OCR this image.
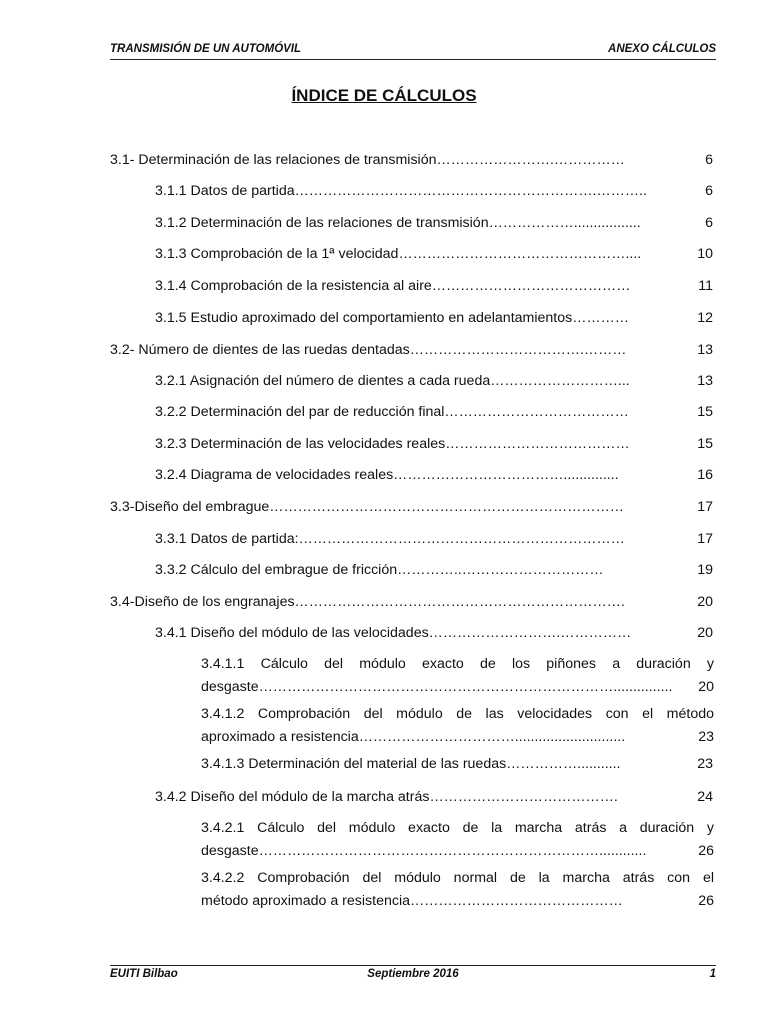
TRANSMISIÓN DE UN AUTOMÓVIL	ANEXO CÁLCULOS
ÍNDICE DE CÁLCULOS
3.1- Determinación de las relaciones de transmisión…………………….……………	6
3.1.1 Datos de partida……………………………………………………….………..	6
3.1.2 Determinación de las relaciones de transmisión……………….................	6
3.1.3 Comprobación de la 1ª velocidad…………………………………………....	10
3.1.4 Comprobación de la resistencia al aire……………………………………	11
3.1.5 Estudio aproximado del comportamiento en adelantamientos…………	12
3.2- Número de dientes de las ruedas dentadas……………………………….………	13
3.2.1 Asignación del número de dientes a cada rueda………………………...	13
3.2.2 Determinación del par de reducción final…………………………………	15
3.2.3 Determinación de las velocidades reales…………………………………	15
3.2.4 Diagrama de velocidades reales………………………………..............	16
3.3-Diseño del embrague…………………………………………………………………	17
3.3.1 Datos de partida:……………………………………………………………	17
3.3.2 Cálculo del embrague de fricción…………..…………………………	19
3.4-Diseño de los engranajes…………………………………………………………….	20
3.4.1 Diseño del módulo de las velocidades……………………….……………	20
3.4.1.1 Cálculo del módulo exacto de los piñones a duración y
desgaste…………………………………………………………………............... 20
3.4.1.2 Comprobación del módulo de las velocidades con el método
aproximado a resistencia……………………………............................	23
3.4.1.3 Determinación del material de las ruedas……………...........	23
3.4.2 Diseño del módulo de la marcha atrás………………………………….	24
3.4.2.1 Cálculo del módulo exacto de la marcha atrás a duración y
desgaste………………………………………………………………............	26
3.4.2.2 Comprobación del módulo normal de la marcha atrás con el
método aproximado a resistencia………………………………………	26
EUITI Bilbao	Septiembre 2016	1
